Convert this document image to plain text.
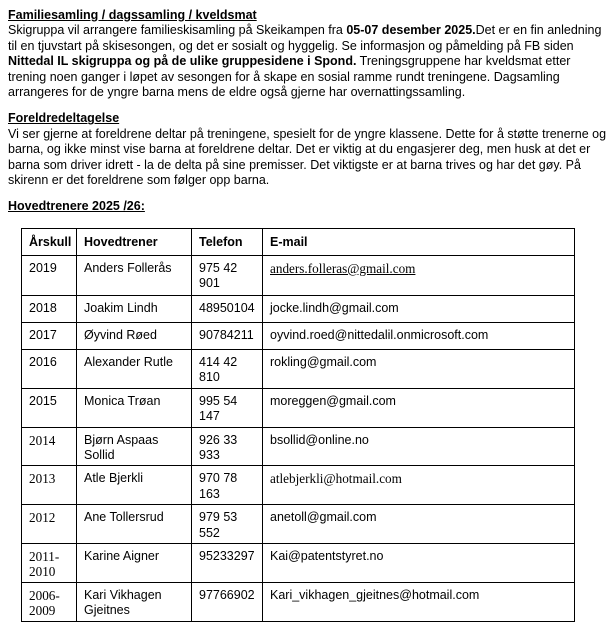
Familiesamling / dagssamling / kveldsmat

Skigruppa vil arrangere familieskisamling på Skeikampen fra 05-07 desember 2025.Det er en fin anledning til en tjuvstart på skisesongen, og det er sosialt og hyggelig. Se informasjon og påmelding på FB siden Nittedal IL skigruppa og på de ulike gruppesidene i Spond. Treningsgruppene har kveldsmat etter trening noen ganger i løpet av sesongen for å skape en sosial ramme rundt treningene. Dagsamling arrangeres for de yngre barna mens de eldre også gjerne har overnattingssamling.

Foreldredeltagelse

Vi ser gjerne at foreldrene deltar på treningene, spesielt for de yngre klassene. Dette for å støtte trenerne og barna, og ikke minst vise barna at foreldrene deltar. Det er viktig at du engasjerer deg, men husk at det er barna som driver idrett - la de delta på sine premisser. Det viktigste er at barna trives og har det gøy. På skirenn er det foreldrene som følger opp barna.

Hovedtrenere 2025 /26:
Årskull	Hovedtrener	Telefon	E-mail
2019	Anders Follerås	975 42 901	anders.folleras@gmail.com
2018	Joakim Lindh	48950104	jocke.lindh@gmail.com
2017	Øyvind Røed	90784211	oyvind.roed@nittedalil.onmicrosoft.com
2016	Alexander Rutle	414 42 810	rokling@gmail.com
2015	Monica Trøan	995 54 147	moreggen@gmail.com
2014	Bjørn Aspaas Sollid	926 33 933	bsollid@online.no
2013	Atle Bjerkli	970 78 163	atlebjerkli@hotmail.com
2012	Ane Tollersrud	979 53 552	anetoll@gmail.com
2011-2010	Karine Aigner	95233297	Kai@patentstyret.no
2006-2009	Kari Vikhagen Gjeitnes	97766902	Kari_vikhagen_gjeitnes@hotmail.com
